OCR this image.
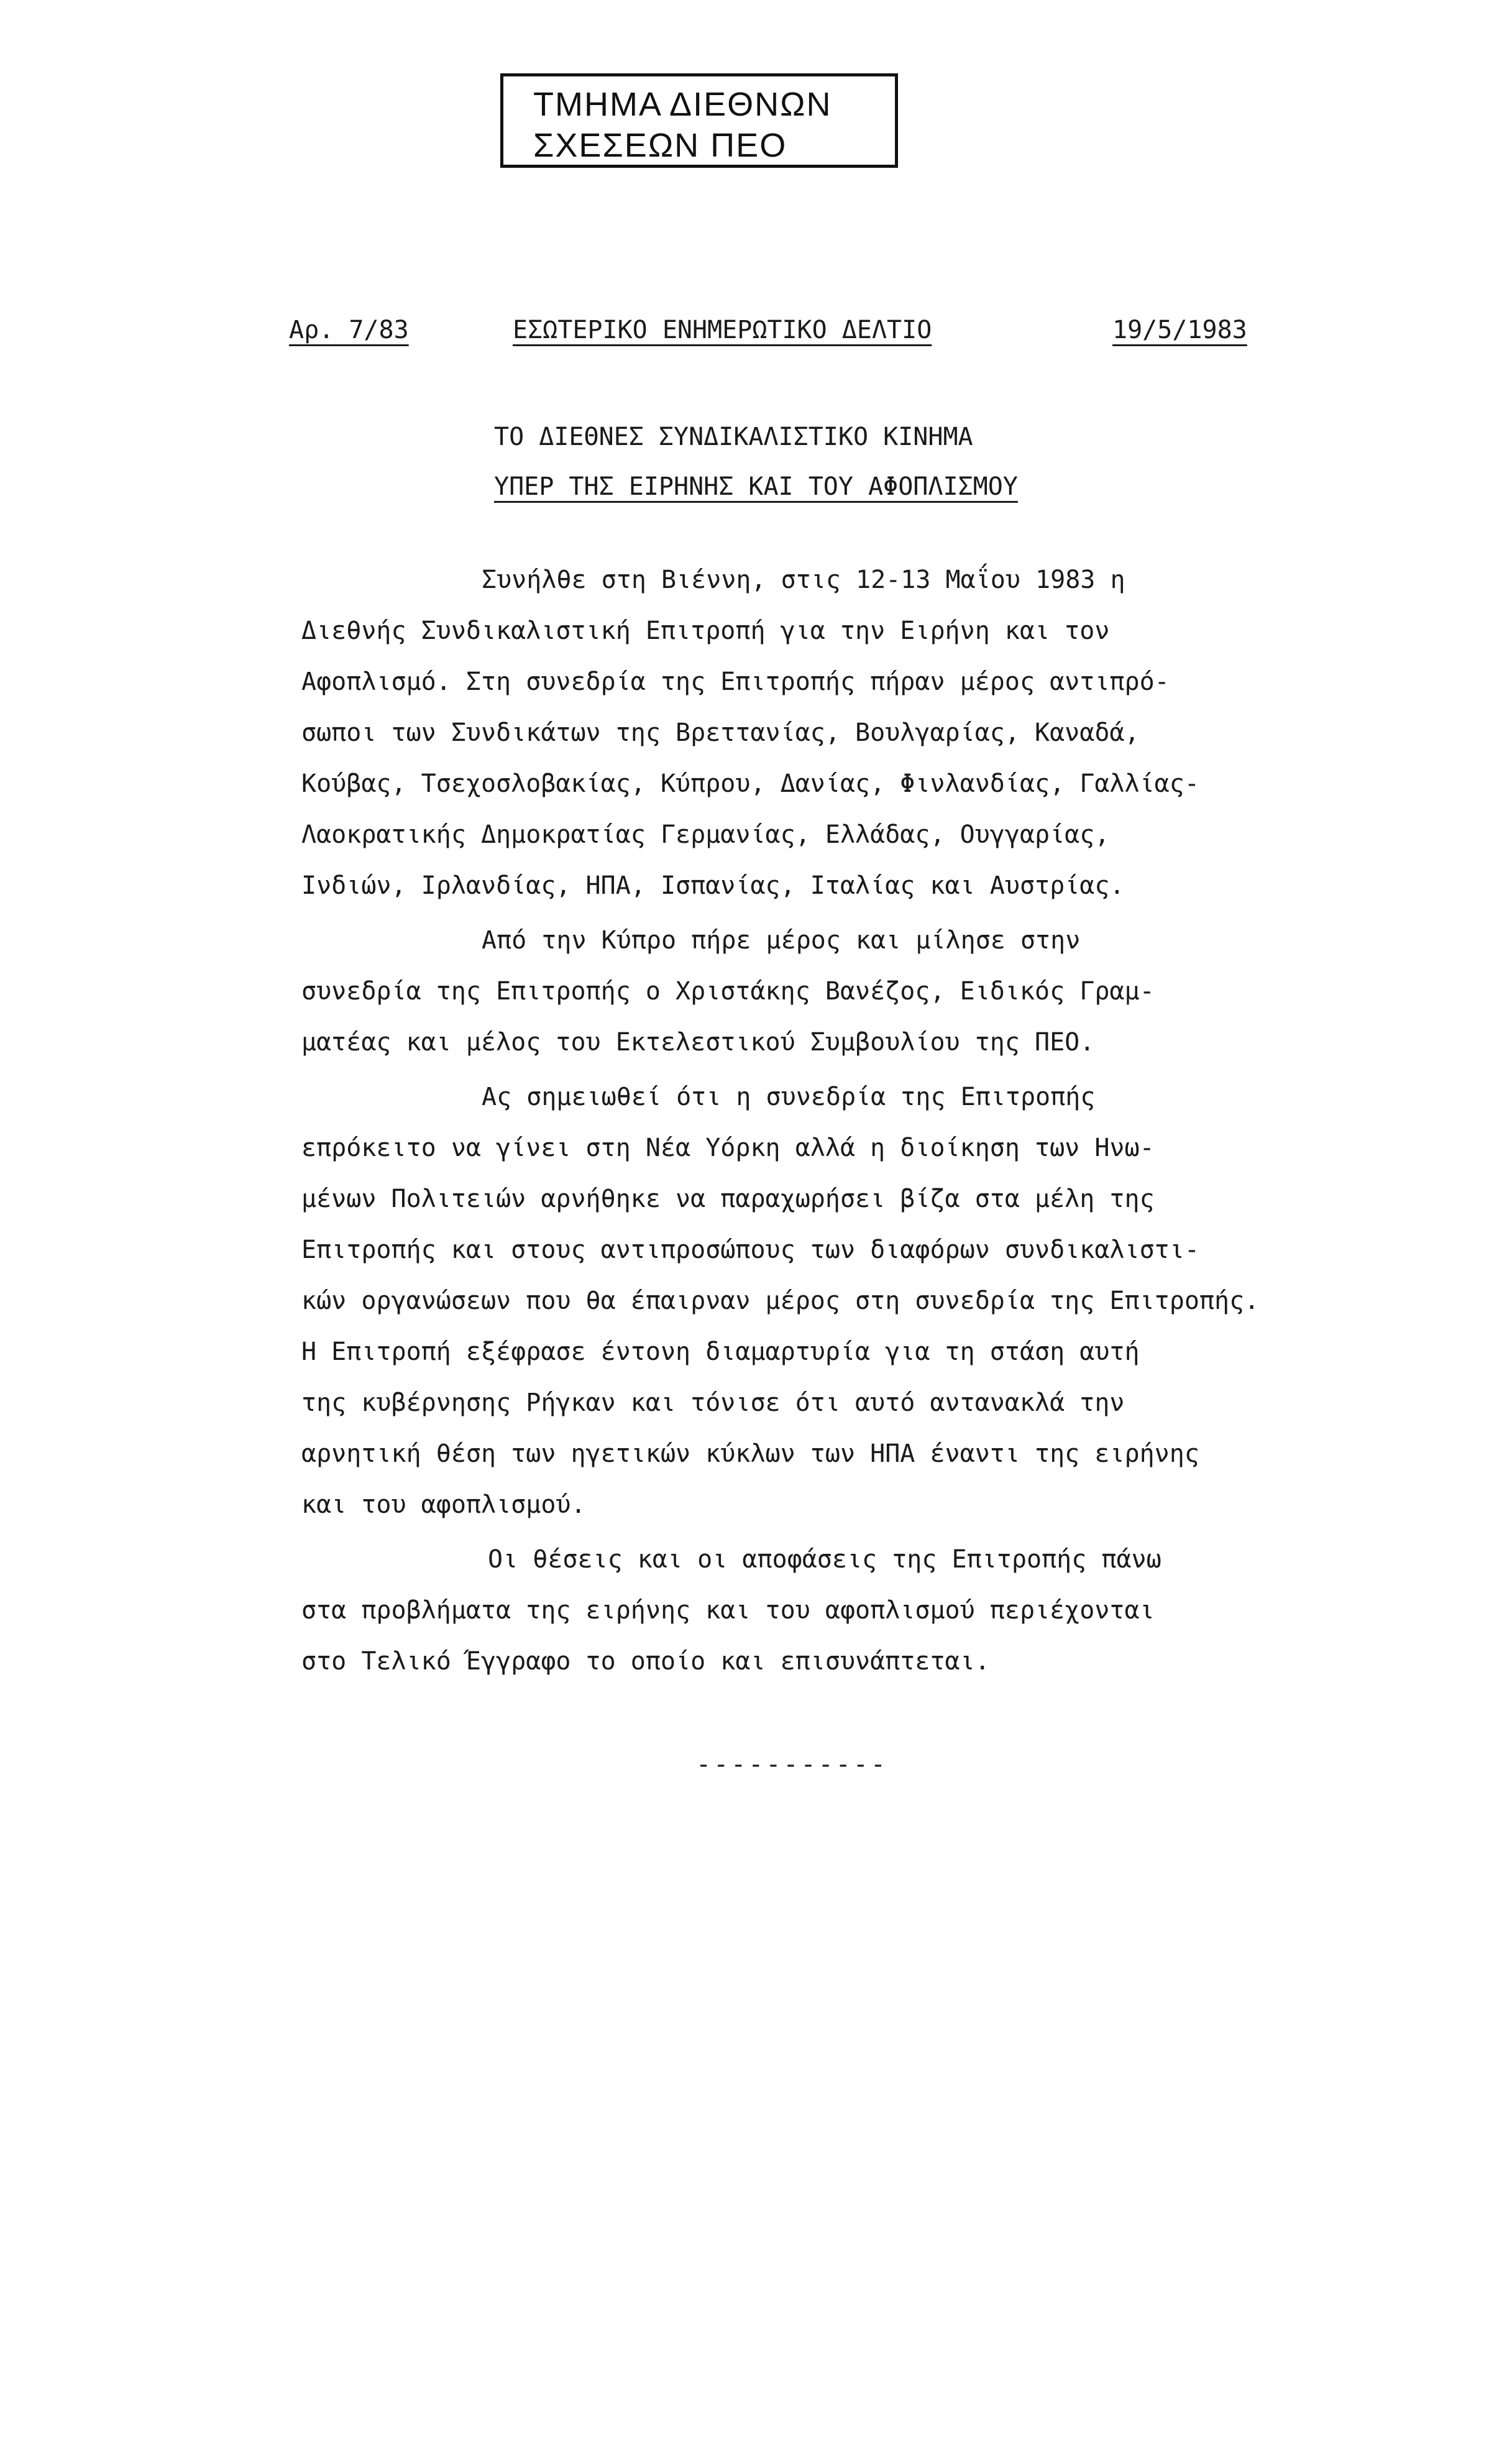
ΤΜΗΜΑ ΔΙΕΘΝΩΝ
ΣΧΕΣΕΩΝ ΠΕΟ
Αρ. 7/83	ΕΣΩΤΕΡΙΚΟ ΕΝΗΜΕΡΩΤΙΚΟ ΔΕΛΤΙΟ	19/5/1983
ΤΟ ΔΙΕΘΝΕΣ ΣΥΝΔΙΚΑΛΙΣΤΙΚΟ ΚΙΝΗΜΑ
ΥΠΕΡ ΤΗΣ ΕΙΡΗΝΗΣ ΚΑΙ ΤΟΥ ΑΦΟΠΛΙΣΜΟΥ
Συνήλθε στη Βιέννη, στις 12-13 Μαΐου 1983 η
Διεθνής Συνδικαλιστική Επιτροπή για την Ειρήνη και τον
Αφοπλισμό. Στη συνεδρία της Επιτροπής πήραν μέρος αντιπρό-
σωποι των Συνδικάτων της Βρεττανίας, Βουλγαρίας, Καναδά,
Κούβας, Τσεχοσλοβακίας, Κύπρου, Δανίας, Φινλανδίας, Γαλλίας-
Λαοκρατικής Δημοκρατίας Γερμανίας, Ελλάδας, Ουγγαρίας,
Ινδιών, Ιρλανδίας, ΗΠΑ, Ισπανίας, Ιταλίας και Αυστρίας.
Από την Κύπρο πήρε μέρος και μίλησε στην
συνεδρία της Επιτροπής ο Χριστάκης Βανέζος, Ειδικός Γραμ-
ματέας και μέλος του Εκτελεστικού Συμβουλίου της ΠΕΟ.
Ας σημειωθεί ότι η συνεδρία της Επιτροπής
επρόκειτο να γίνει στη Νέα Υόρκη αλλά η διοίκηση των Ηνω-
μένων Πολιτειών αρνήθηκε να παραχωρήσει βίζα στα μέλη της
Επιτροπής και στους αντιπροσώπους των διαφόρων συνδικαλιστι-
κών οργανώσεων που θα έπαιρναν μέρος στη συνεδρία της Επιτροπής.
Η Επιτροπή εξέφρασε έντονη διαμαρτυρία για τη στάση αυτή
της κυβέρνησης Ρήγκαν και τόνισε ότι αυτό αντανακλά την
αρνητική θέση των ηγετικών κύκλων των ΗΠΑ έναντι της ειρήνης
και του αφοπλισμού.
Οι θέσεις και οι αποφάσεις της Επιτροπής πάνω
στα προβλήματα της ειρήνης και του αφοπλισμού περιέχονται
στο Τελικό Έγγραφο το οποίο και επισυνάπτεται.
-----------
